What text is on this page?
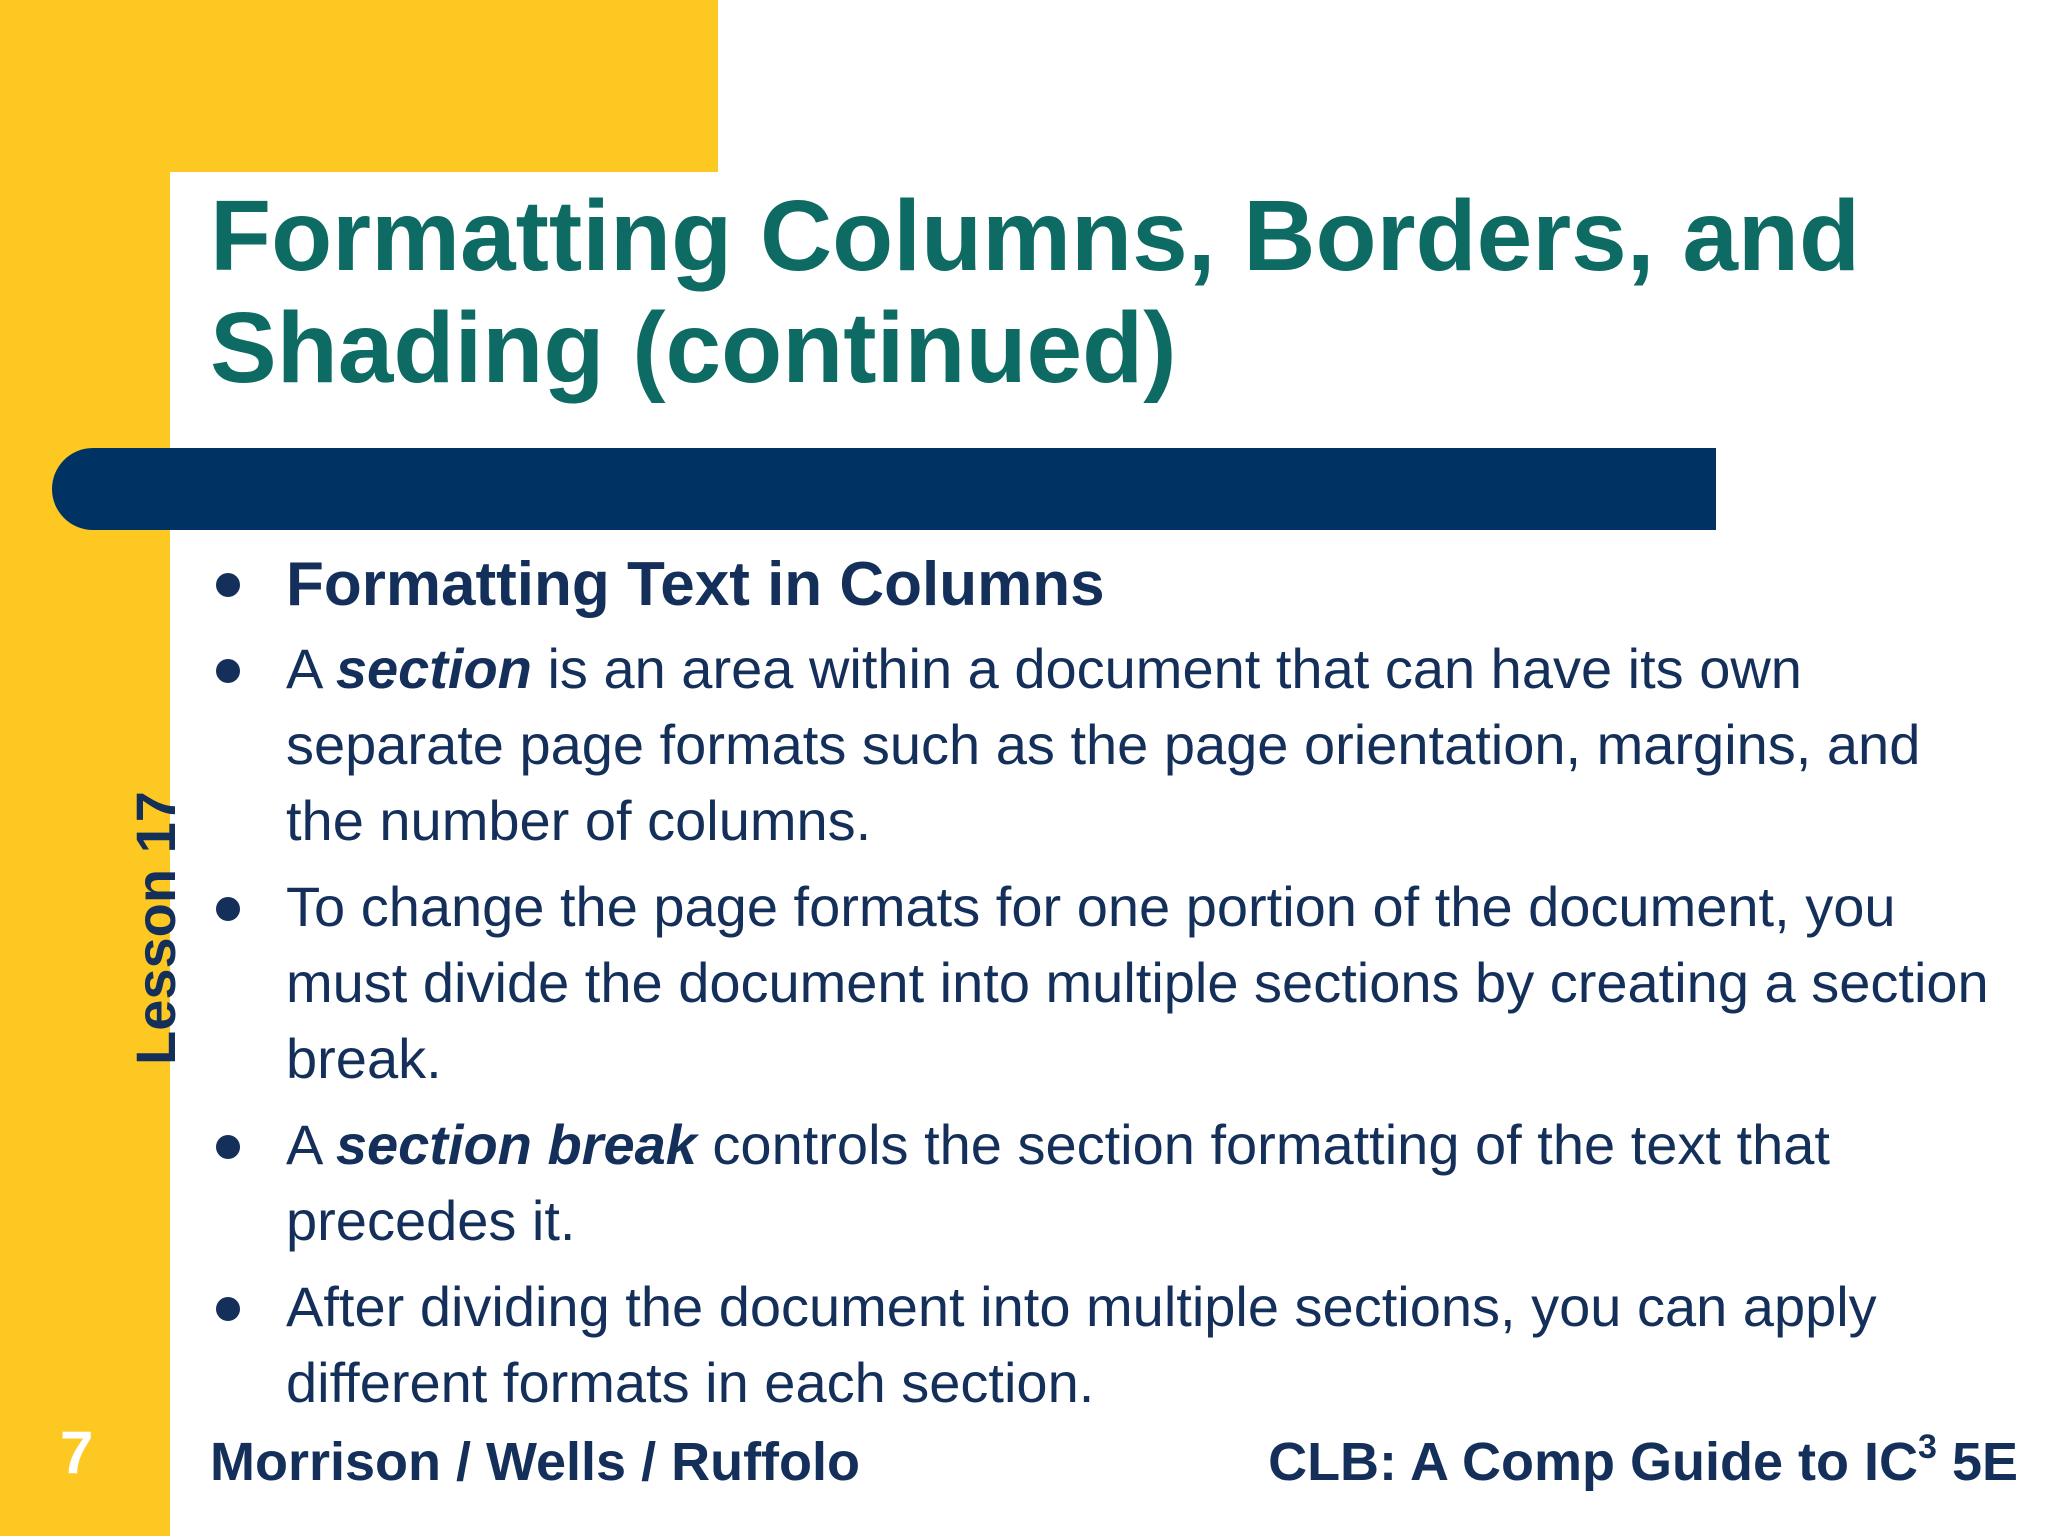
Formatting Columns, Borders, and Shading (continued)
Lesson 17
Formatting Text in Columns
A section is an area within a document that can have its own separate page formats such as the page orientation, margins, and the number of columns.
To change the page formats for one portion of the document, you must divide the document into multiple sections by creating a section break.
A section break controls the section formatting of the text that precedes it.
After dividing the document into multiple sections, you can apply different formats in each section.
7 Morrison / Wells / Ruffolo	CLB: A Comp Guide to $IC^3$ 5E
